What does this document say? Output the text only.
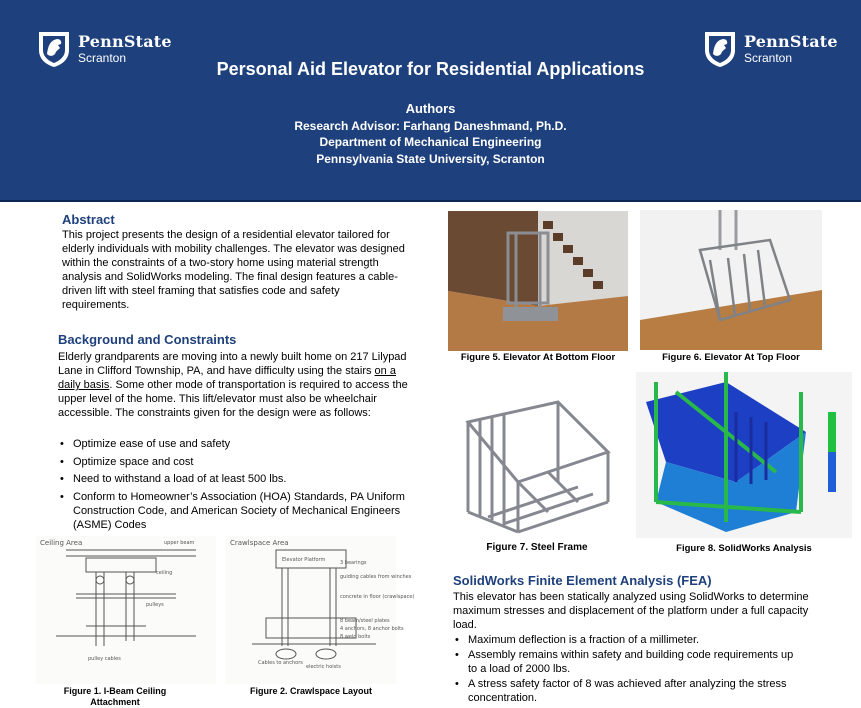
PennState
Scranton
PennState
Scranton
Personal Aid Elevator for Residential Applications
Authors
Research Advisor: Farhang Daneshmand, Ph.D.
Department of Mechanical Engineering
Pennsylvania State University, Scranton
Abstract
This project presents the design of a residential elevator tailored for elderly individuals with mobility challenges. The elevator was designed within the constraints of a two-story home using material strength analysis and SolidWorks modeling. The final design features a cable-driven lift with steel framing that satisfies code and safety requirements.
Background and Constraints
Elderly grandparents are moving into a newly built home on 217 Lilypad Lane in Clifford Township, PA, and have difficulty using the stairs on a daily basis. Some other mode of transportation is required to access the upper level of the home. This lift/elevator must also be wheelchair accessible. The constraints given for the design were as follows:
• Optimize ease of use and safety
• Optimize space and cost
• Need to withstand a load of at least 500 lbs.
• Conform to Homeowner’s Association (HOA) Standards, PA Uniform Construction Code, and American Society of Mechanical Engineers (ASME) Codes
Ceiling Area	upper beam
ceiling
pulleys
pulley cables
Figure 1. I-Beam Ceiling Attachment
Crawlspace Area
Elevator Platform	3 bearings
guiding cables from winches
concrete in floor (crawlspace)
8 beam/steel plates
4 anchors, 8 anchor bolts
8 weld bolts
Cables to anchors
electric hoists
Figure 2. Crawlspace Layout
Figure 5. Elevator At Bottom Floor	Figure 6. Elevator At Top Floor
Figure 7. Steel Frame	Figure 8. SolidWorks Analysis
SolidWorks Finite Element Analysis (FEA)
This elevator has been statically analyzed using SolidWorks to determine maximum stresses and displacement of the platform under a full capacity load.
• Maximum deflection is a fraction of a millimeter.
• Assembly remains within safety and building code requirements up to a load of 2000 lbs.
• A stress safety factor of 8 was achieved after analyzing the stress concentration.
